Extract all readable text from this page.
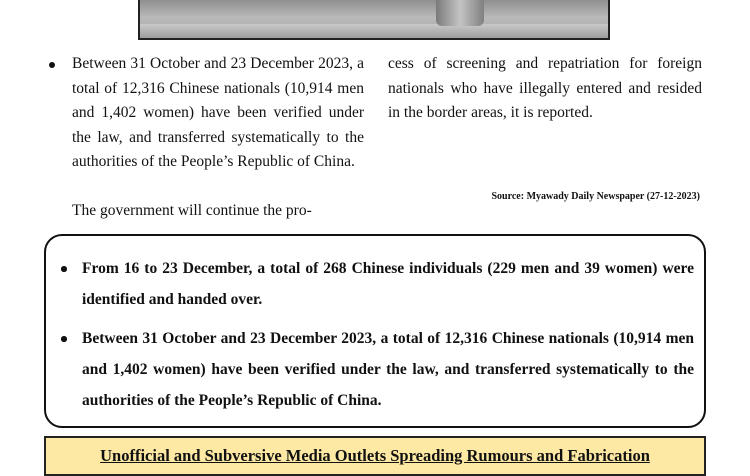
Between 31 October and 23 December 2023, a total of 12,316 Chinese nationals (10,914 men and 1,402 women) have been verified under the law, and transferred systematically to the authorities of the People’s Republic of China.
The government will continue the pro-
cess of screening and repatriation for foreign nationals who have illegally entered and resided in the border areas, it is reported.
Source: Myawady Daily Newspaper (27-12-2023)
From 16 to 23 December, a total of 268 Chinese individuals (229 men and 39 women) were identified and handed over.
Between 31 October and 23 December 2023, a total of 12,316 Chinese nationals (10,914 men and 1,402 women) have been verified under the law, and transferred systematically to the authorities of the People’s Republic of China.
Unofficial and Subversive Media Outlets Spreading Rumours and Fabrication
